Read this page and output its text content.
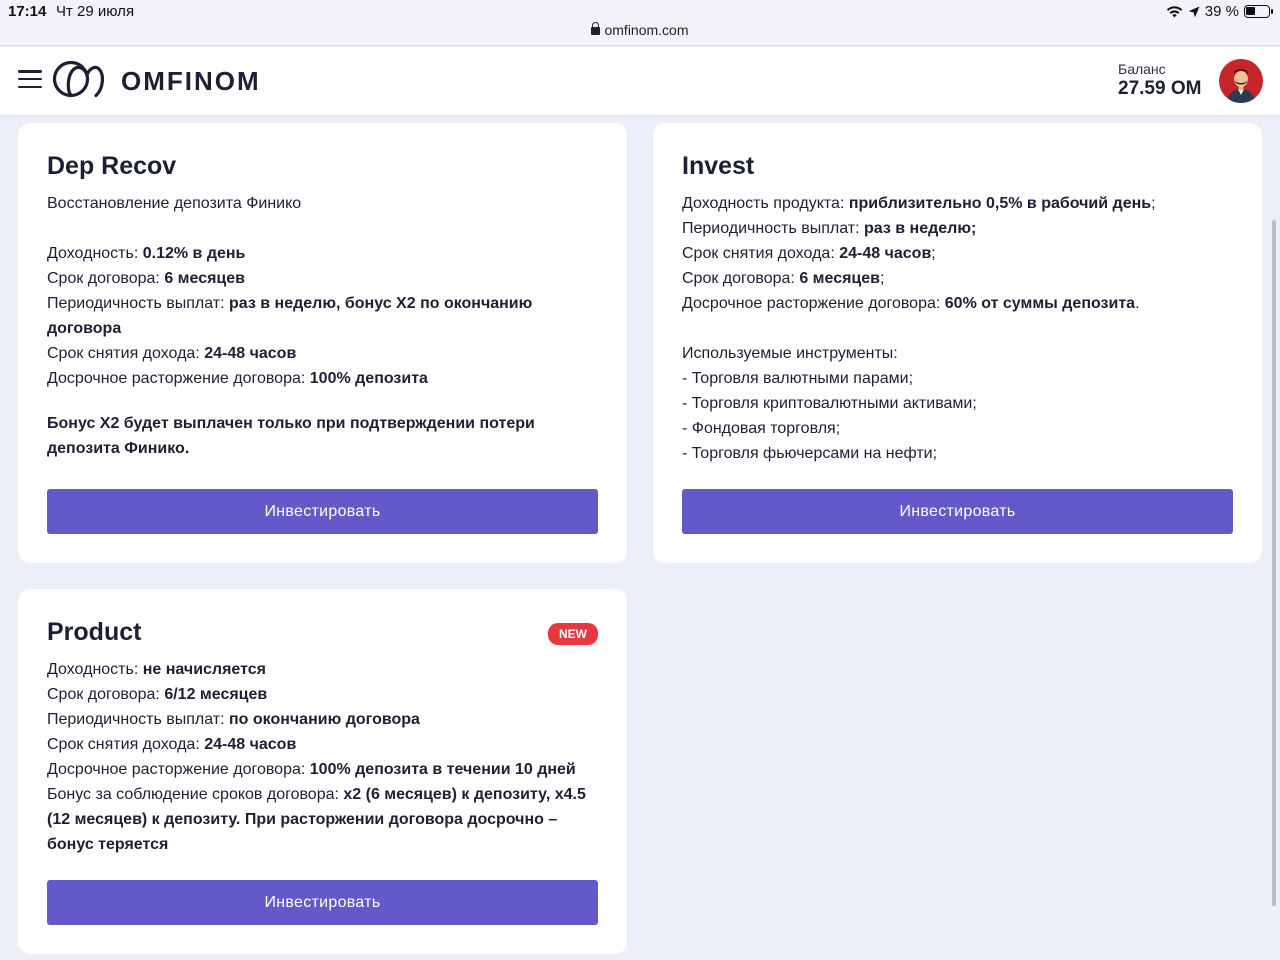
17:14 Чт 29 июля	39 %
omfinom.com
OMFINOM	Баланс
27.59 OM
Dep Recov
Восстановление депозита Финико
Доходность: 0.12% в день
Срок договора: 6 месяцев
Периодичность выплат: раз в неделю, бонус X2 по окончанию договора
Срок снятия дохода: 24-48 часов
Досрочное расторжение договора: 100% депозита
Бонус X2 будет выплачен только при подтверждении потери депозита Финико.
Инвестировать
Invest
Доходность продукта: приблизительно 0,5% в рабочий день;
Периодичность выплат: раз в неделю;
Срок снятия дохода: 24-48 часов;
Срок договора: 6 месяцев;
Досрочное расторжение договора: 60% от суммы депозита.
Используемые инструменты:
- Торговля валютными парами;
- Торговля криптовалютными активами;
- Фондовая торговля;
- Торговля фьючерсами на нефти;
Инвестировать
Product	NEW
Доходность: не начисляется
Срок договора: 6/12 месяцев
Периодичность выплат: по окончанию договора
Срок снятия дохода: 24-48 часов
Досрочное расторжение договора: 100% депозита в течении 10 дней
Бонус за соблюдение сроков договора: х2 (6 месяцев) к депозиту, х4.5 (12 месяцев) к депозиту. При расторжении договора досрочно – бонус теряется
Инвестировать
